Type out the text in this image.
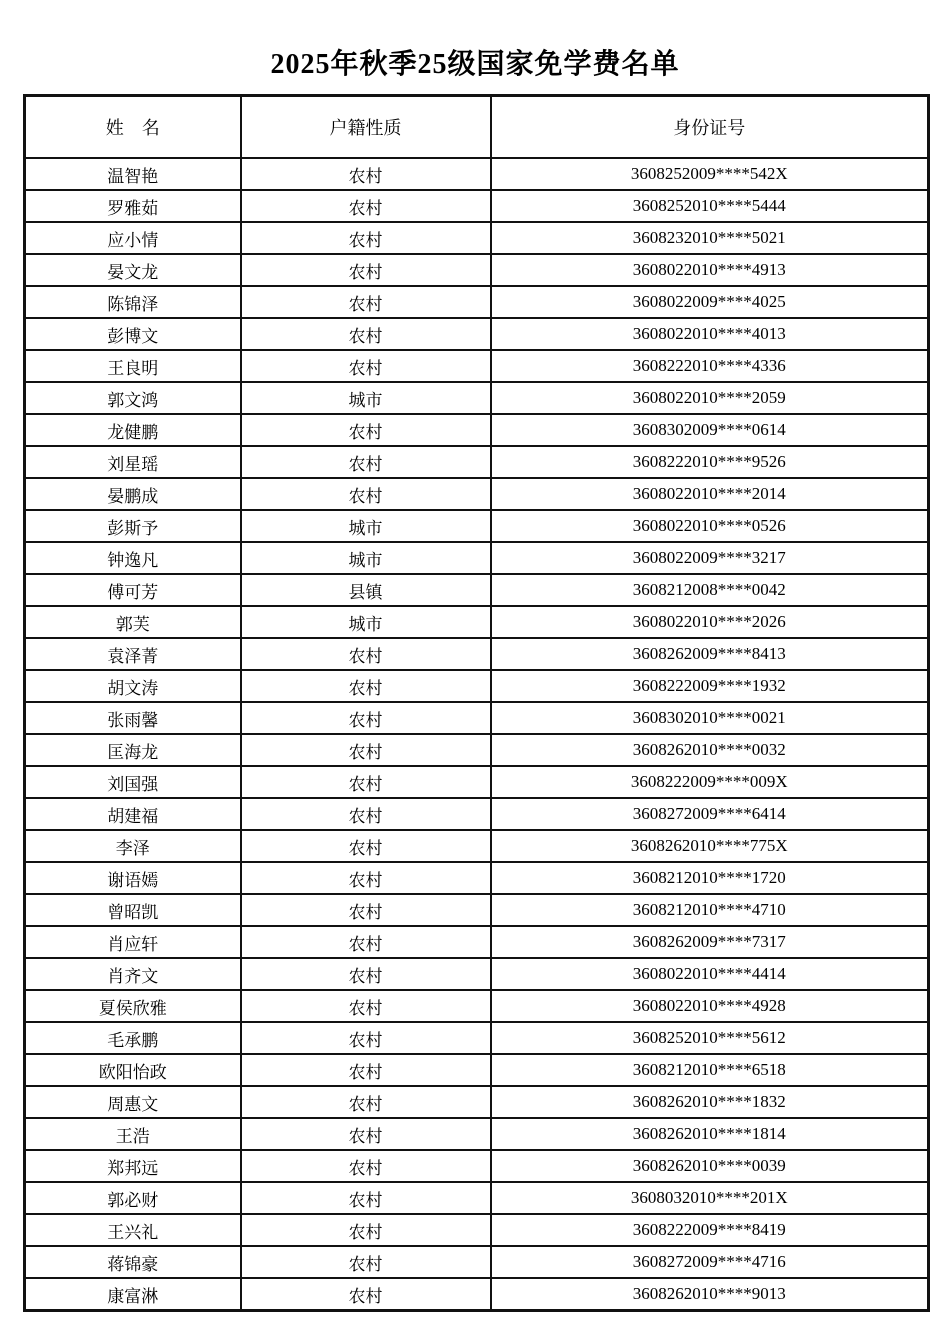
2025年秋季25级国家免学费名单
姓　名	户籍性质	身份证号
温智艳	农村	3608252009****542X
罗雅茹	农村	3608252010****5444
应小情	农村	3608232010****5021
晏文龙	农村	3608022010****4913
陈锦泽	农村	3608022009****4025
彭博文	农村	3608022010****4013
王良明	农村	3608222010****4336
郭文鸿	城市	3608022010****2059
龙健鹏	农村	3608302009****0614
刘星瑶	农村	3608222010****9526
晏鹏成	农村	3608022010****2014
彭斯予	城市	3608022010****0526
钟逸凡	城市	3608022009****3217
傅可芳	县镇	3608212008****0042
郭芙	城市	3608022010****2026
袁泽菁	农村	3608262009****8413
胡文涛	农村	3608222009****1932
张雨馨	农村	3608302010****0021
匡海龙	农村	3608262010****0032
刘国强	农村	3608222009****009X
胡建福	农村	3608272009****6414
李泽	农村	3608262010****775X
谢语嫣	农村	3608212010****1720
曾昭凯	农村	3608212010****4710
肖应轩	农村	3608262009****7317
肖齐文	农村	3608022010****4414
夏侯欣雅	农村	3608022010****4928
毛承鹏	农村	3608252010****5612
欧阳怡政	农村	3608212010****6518
周惠文	农村	3608262010****1832
王浩	农村	3608262010****1814
郑邦远	农村	3608262010****0039
郭必财	农村	3608032010****201X
王兴礼	农村	3608222009****8419
蒋锦豪	农村	3608272009****4716
康富淋	农村	3608262010****9013
